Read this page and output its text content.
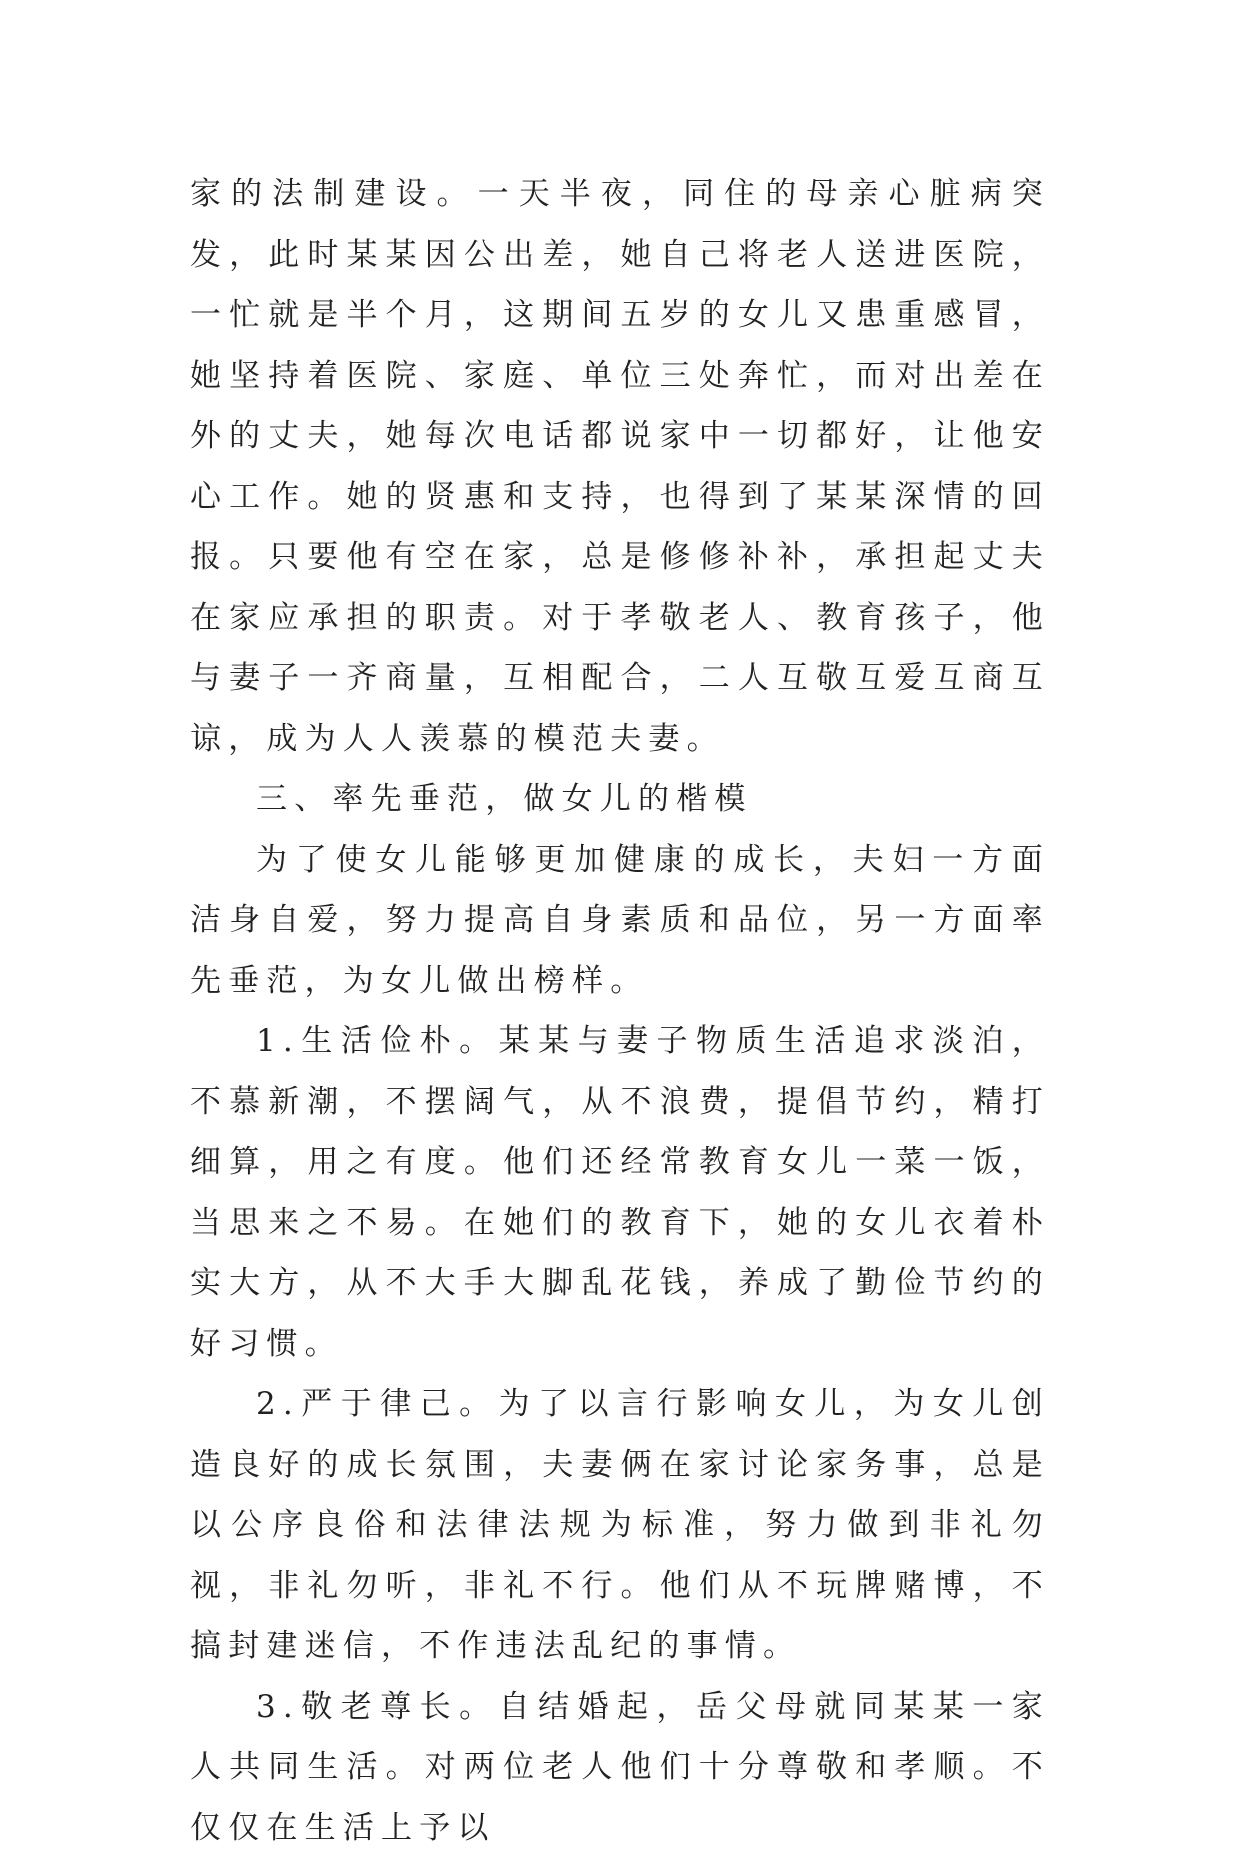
家的法制建设。一天半夜，同住的母亲心脏病突发，此时某某因公出差，她自己将老人送进医院，一忙就是半个月，这期间五岁的女儿又患重感冒，她坚持着医院、家庭、单位三处奔忙，而对出差在外的丈夫，她每次电话都说家中一切都好，让他安心工作。她的贤惠和支持，也得到了某某深情的回报。只要他有空在家，总是修修补补，承担起丈夫在家应承担的职责。对于孝敬老人、教育孩子，他与妻子一齐商量，互相配合，二人互敬互爱互商互谅，成为人人羡慕的模范夫妻。

三、率先垂范，做女儿的楷模

为了使女儿能够更加健康的成长，夫妇一方面洁身自爱，努力提高自身素质和品位，另一方面率先垂范，为女儿做出榜样。

1.生活俭朴。某某与妻子物质生活追求淡泊，不慕新潮，不摆阔气，从不浪费，提倡节约，精打细算，用之有度。他们还经常教育女儿一菜一饭，当思来之不易。在她们的教育下，她的女儿衣着朴实大方，从不大手大脚乱花钱，养成了勤俭节约的好习惯。

2.严于律己。为了以言行影响女儿，为女儿创造良好的成长氛围，夫妻俩在家讨论家务事，总是以公序良俗和法律法规为标准，努力做到非礼勿视，非礼勿听，非礼不行。他们从不玩牌赌博，不搞封建迷信，不作违法乱纪的事情。

3.敬老尊长。自结婚起，岳父母就同某某一家人共同生活。对两位老人他们十分尊敬和孝顺。不仅仅在生活上予以
